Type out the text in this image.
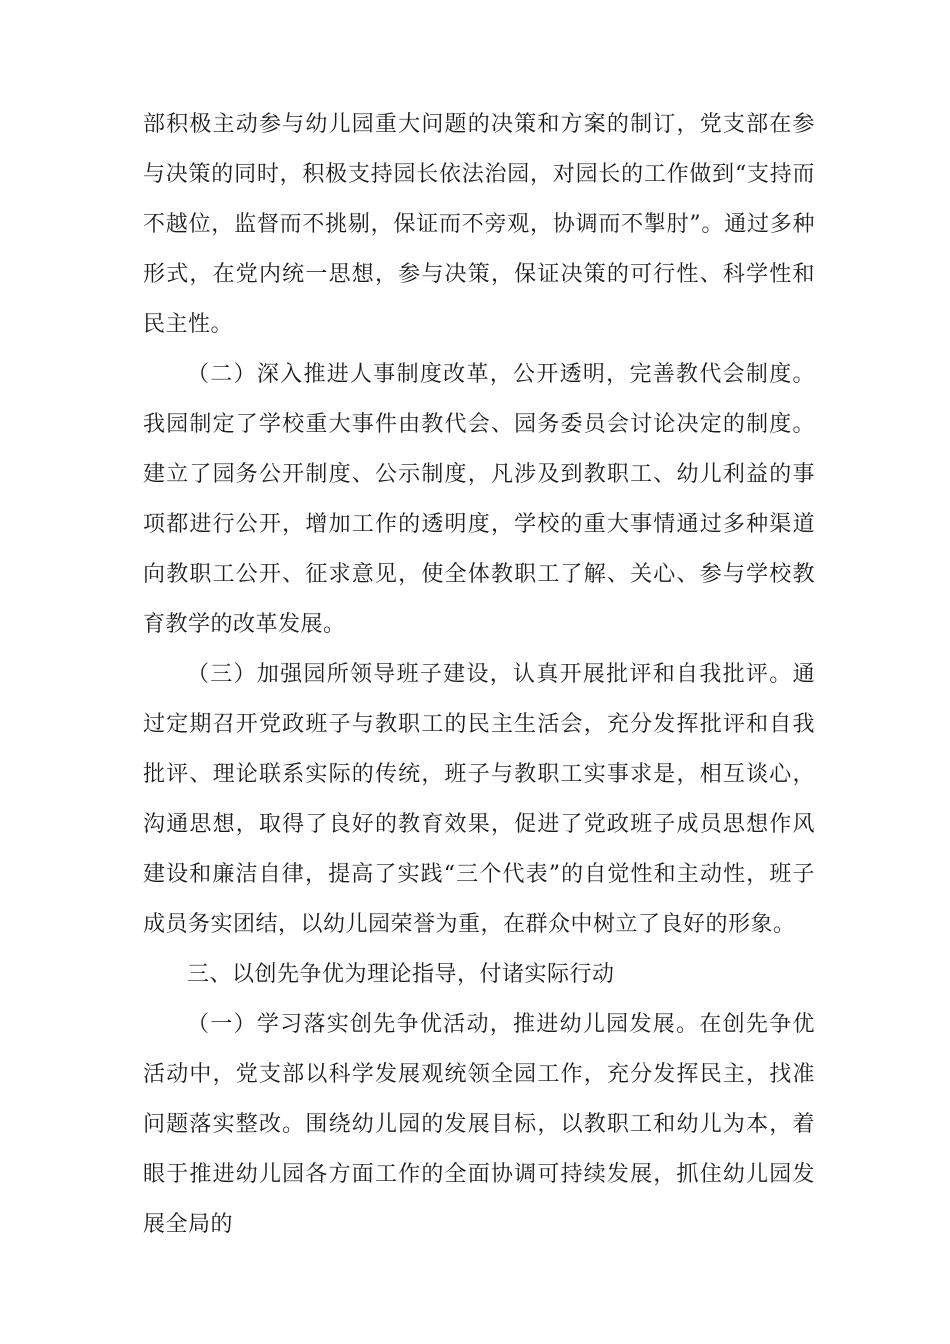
部积极主动参与幼儿园重大问题的决策和方案的制订，党支部在参与决策的同时，积极支持园长依法治园，对园长的工作做到“支持而不越位，监督而不挑剔，保证而不旁观，协调而不掣肘”。通过多种形式，在党内统一思想，参与决策，保证决策的可行性、科学性和民主性。

（二）深入推进人事制度改革，公开透明，完善教代会制度。我园制定了学校重大事件由教代会、园务委员会讨论决定的制度。建立了园务公开制度、公示制度，凡涉及到教职工、幼儿利益的事项都进行公开，增加工作的透明度，学校的重大事情通过多种渠道向教职工公开、征求意见，使全体教职工了解、关心、参与学校教育教学的改革发展。

（三）加强园所领导班子建设，认真开展批评和自我批评。通过定期召开党政班子与教职工的民主生活会，充分发挥批评和自我批评、理论联系实际的传统，班子与教职工实事求是，相互谈心，沟通思想，取得了良好的教育效果，促进了党政班子成员思想作风建设和廉洁自律，提高了实践“三个代表”的自觉性和主动性，班子成员务实团结，以幼儿园荣誉为重，在群众中树立了良好的形象。

三、以创先争优为理论指导，付诸实际行动

（一）学习落实创先争优活动，推进幼儿园发展。在创先争优活动中，党支部以科学发展观统领全园工作，充分发挥民主，找准问题落实整改。围绕幼儿园的发展目标，以教职工和幼儿为本，着眼于推进幼儿园各方面工作的全面协调可持续发展，抓住幼儿园发展全局的
